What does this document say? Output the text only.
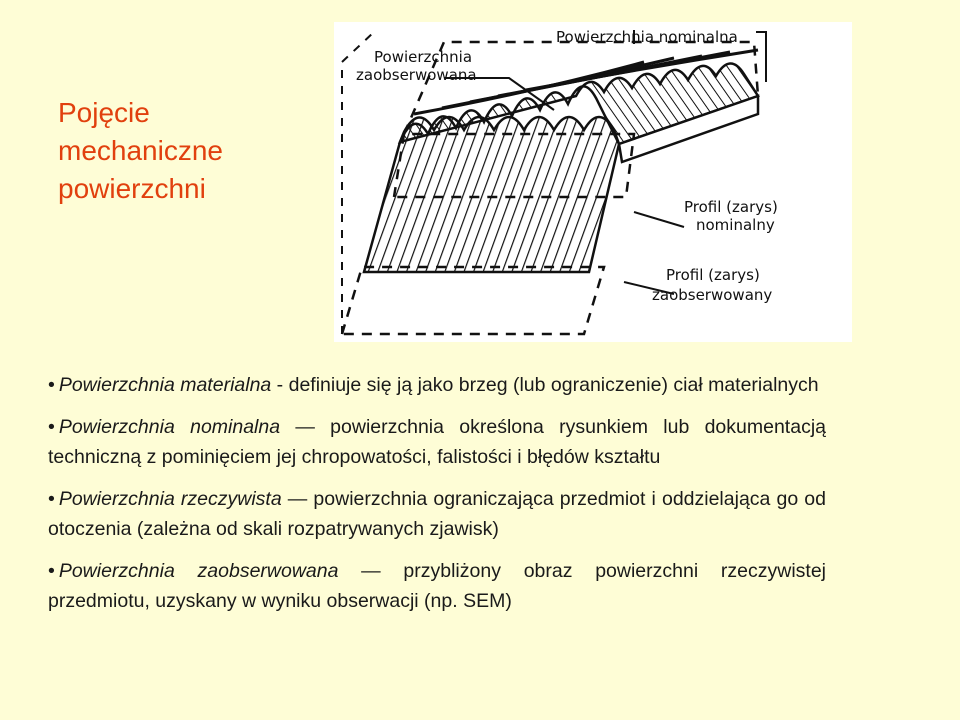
Pojęcie
mechaniczne
powierzchni
Powierzchnia
zaobserwowana
Powierzchnia nominalna
Profil (zarys)
nominalny
Profil (zarys)
zaobserwowany

• Powierzchnia materialna - definiuje się ją jako brzeg (lub ograniczenie) ciał materialnych

• Powierzchnia nominalna — powierzchnia określona rysunkiem lub dokumentacją techniczną z pominięciem jej chropowatości, falistości i błędów kształtu

• Powierzchnia rzeczywista — powierzchnia ograniczająca przedmiot i oddzielająca go od otoczenia (zależna od skali rozpatrywanych zjawisk)

• Powierzchnia zaobserwowana — przybliżony obraz powierzchni rzeczywistej przedmiotu, uzyskany w wyniku obserwacji (np. SEM)
